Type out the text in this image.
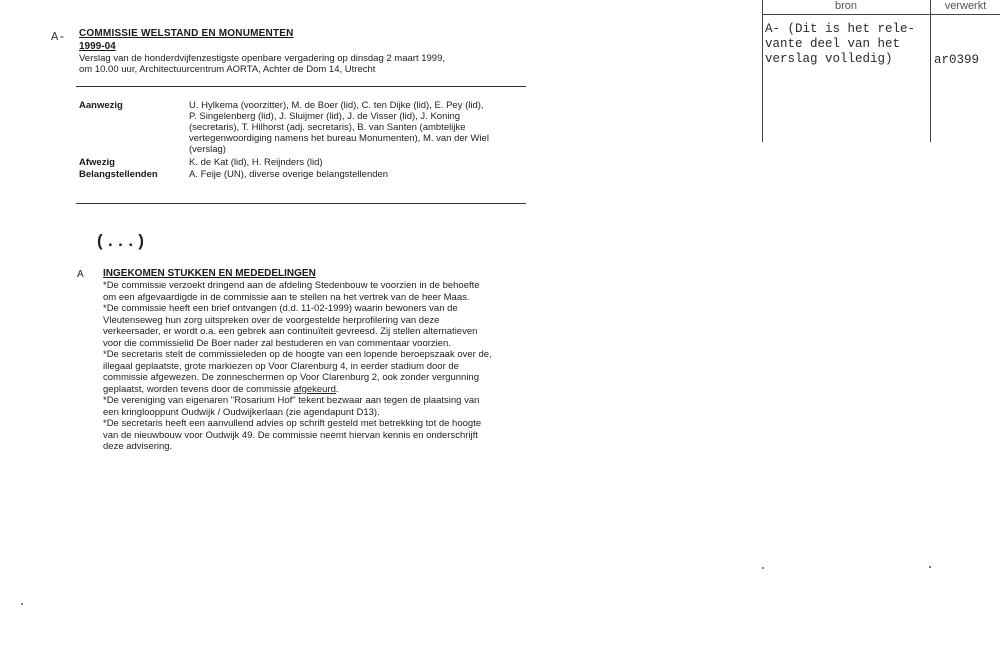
A- COMMISSIE WELSTAND EN MONUMENTEN
1999-04
Verslag van de honderdvijfenzestigste openbare vergadering op dinsdag 2 maart 1999,
om 10.00 uur, Architectuurcentrum AORTA, Achter de Dom 14, Utrecht
Aanwezig	U. Hylkema (voorzitter), M. de Boer (lid), C. ten Dijke (lid), E. Pey (lid),
P. Singelenberg (lid), J. Sluijmer (lid), J. de Visser (lid), J. Koning
(secretaris), T. Hilhorst (adj. secretaris), B. van Santen (ambtelijke
vertegenwoordiging namens het bureau Monumenten), M. van der Wiel
(verslag)
Afwezig	K. de Kat (lid), H. Reijnders (lid)
Belangstellenden	A. Feije (UN), diverse overige belangstellenden
(...)
A INGEKOMEN STUKKEN EN MEDEDELINGEN

*De commissie verzoekt dringend aan de afdeling Stedenbouw te voorzien in de behoefte

om een afgevaardigde in de commissie aan te stellen na het vertrek van de heer Maas.

*De commissie heeft een brief ontvangen (d.d. 11-02-1999) waarin bewoners van de

Vleutenseweg hun zorg uitspreken over de voorgestelde herprofilering van deze

verkeersader, er wordt o.a. een gebrek aan continuïteit gevreesd. Zij stellen alternatieven

voor die commissielid De Boer nader zal bestuderen en van commentaar voorzien.

*De secretaris stelt de commissieleden op de hoogte van een lopende beroepszaak over de,

illegaal geplaatste, grote markiezen op Voor Clarenburg 4, in eerder stadium door de

commissie afgewezen. De zonneschermen op Voor Clarenburg 2, ook zonder vergunning

geplaatst, worden tevens door de commissie afgekeurd.

*De vereniging van eigenaren "Rosarium Hof" tekent bezwaar aan tegen de plaatsing van

een kringlooppunt Oudwijk / Oudwijkerlaan (zie agendapunt D13).

*De secretaris heeft een aanvullend advies op schrift gesteld met betrekking tot de hoogte

van de nieuwbouw voor Oudwijk 49. De commissie neemt hiervan kennis en onderschrijft

deze advisering.

bron	verwerkt
A- (Dit is het rele-
vante deel van het
verslag volledig)	ar0399
